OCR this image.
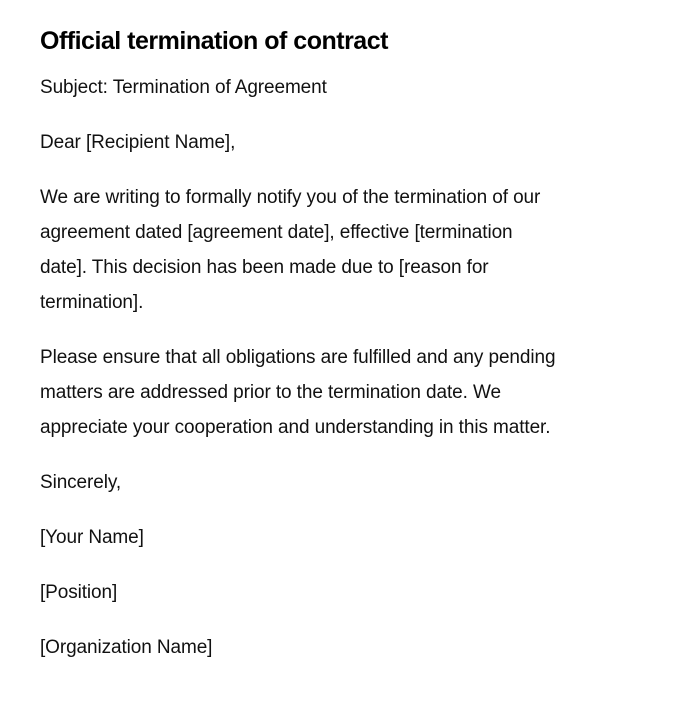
Official termination of contract

Subject: Termination of Agreement

Dear [Recipient Name],

We are writing to formally notify you of the termination of our
agreement dated [agreement date], effective [termination
date]. This decision has been made due to [reason for
termination].

Please ensure that all obligations are fulfilled and any pending
matters are addressed prior to the termination date. We
appreciate your cooperation and understanding in this matter.

Sincerely,

[Your Name]

[Position]

[Organization Name]
